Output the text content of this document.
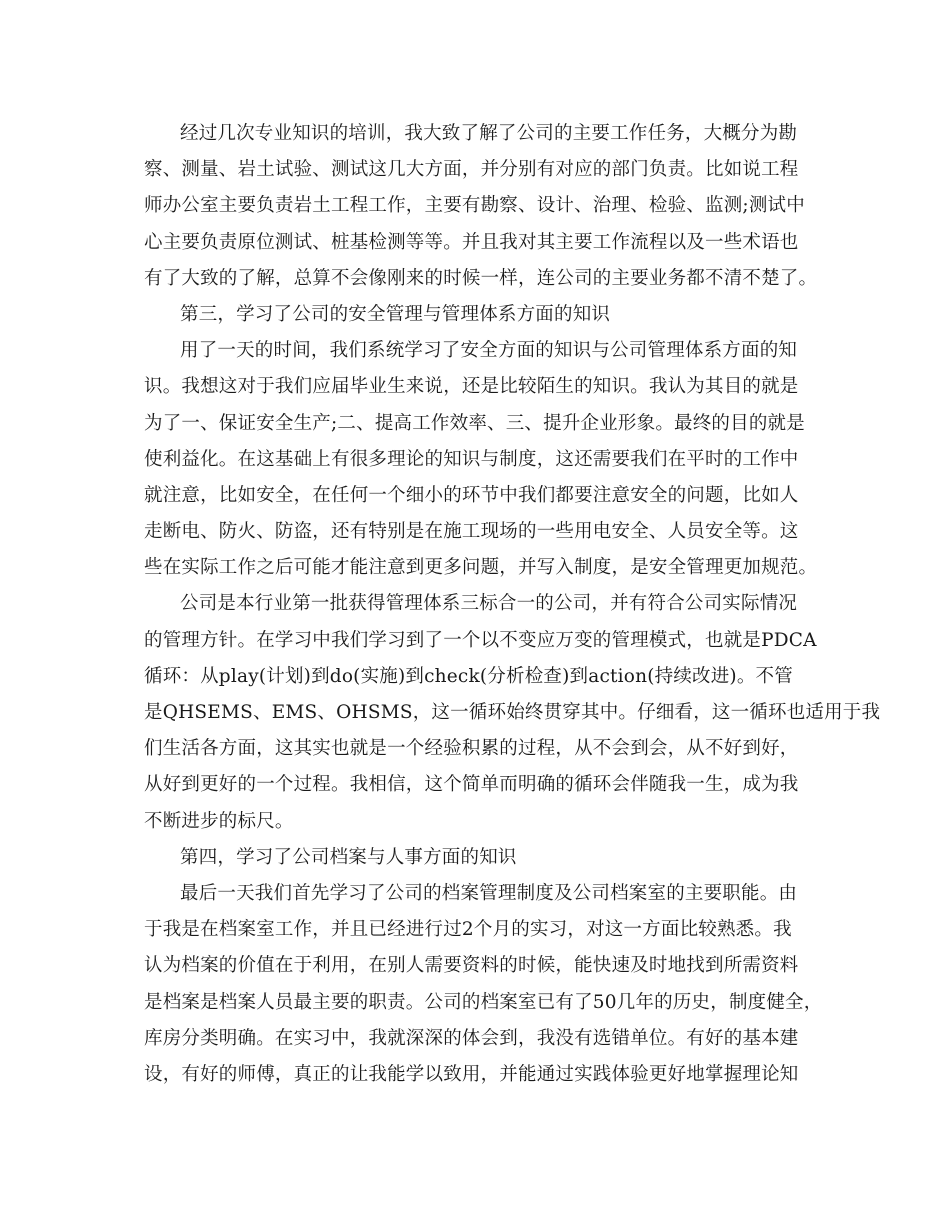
经过几次专业知识的培训，我大致了解了公司的主要工作任务，大概分为勘
察、测量、岩土试验、测试这几大方面，并分别有对应的部门负责。比如说工程
师办公室主要负责岩土工程工作，主要有勘察、设计、治理、检验、监测;测试中
心主要负责原位测试、桩基检测等等。并且我对其主要工作流程以及一些术语也
有了大致的了解，总算不会像刚来的时候一样，连公司的主要业务都不清不楚了。
第三，学习了公司的安全管理与管理体系方面的知识
用了一天的时间，我们系统学习了安全方面的知识与公司管理体系方面的知
识。我想这对于我们应届毕业生来说，还是比较陌生的知识。我认为其目的就是
为了一、保证安全生产;二、提高工作效率、三、提升企业形象。最终的目的就是
使利益化。在这基础上有很多理论的知识与制度，这还需要我们在平时的工作中
就注意，比如安全，在任何一个细小的环节中我们都要注意安全的问题，比如人
走断电、防火、防盗，还有特别是在施工现场的一些用电安全、人员安全等。这
些在实际工作之后可能才能注意到更多问题，并写入制度，是安全管理更加规范。
公司是本行业第一批获得管理体系三标合一的公司，并有符合公司实际情况
的管理方针。在学习中我们学习到了一个以不变应万变的管理模式，也就是PDCA
循环：从play(计划)到do(实施)到check(分析检查)到action(持续改进)。不管
是QHSEMS、EMS、OHSMS，这一循环始终贯穿其中。仔细看，这一循环也适用于我
们生活各方面，这其实也就是一个经验积累的过程，从不会到会，从不好到好，
从好到更好的一个过程。我相信，这个简单而明确的循环会伴随我一生，成为我
不断进步的标尺。
第四，学习了公司档案与人事方面的知识
最后一天我们首先学习了公司的档案管理制度及公司档案室的主要职能。由
于我是在档案室工作，并且已经进行过2个月的实习，对这一方面比较熟悉。我
认为档案的价值在于利用，在别人需要资料的时候，能快速及时地找到所需资料
是档案是档案人员最主要的职责。公司的档案室已有了50几年的历史，制度健全，
库房分类明确。在实习中，我就深深的体会到，我没有选错单位。有好的基本建
设，有好的师傅，真正的让我能学以致用，并能通过实践体验更好地掌握理论知
